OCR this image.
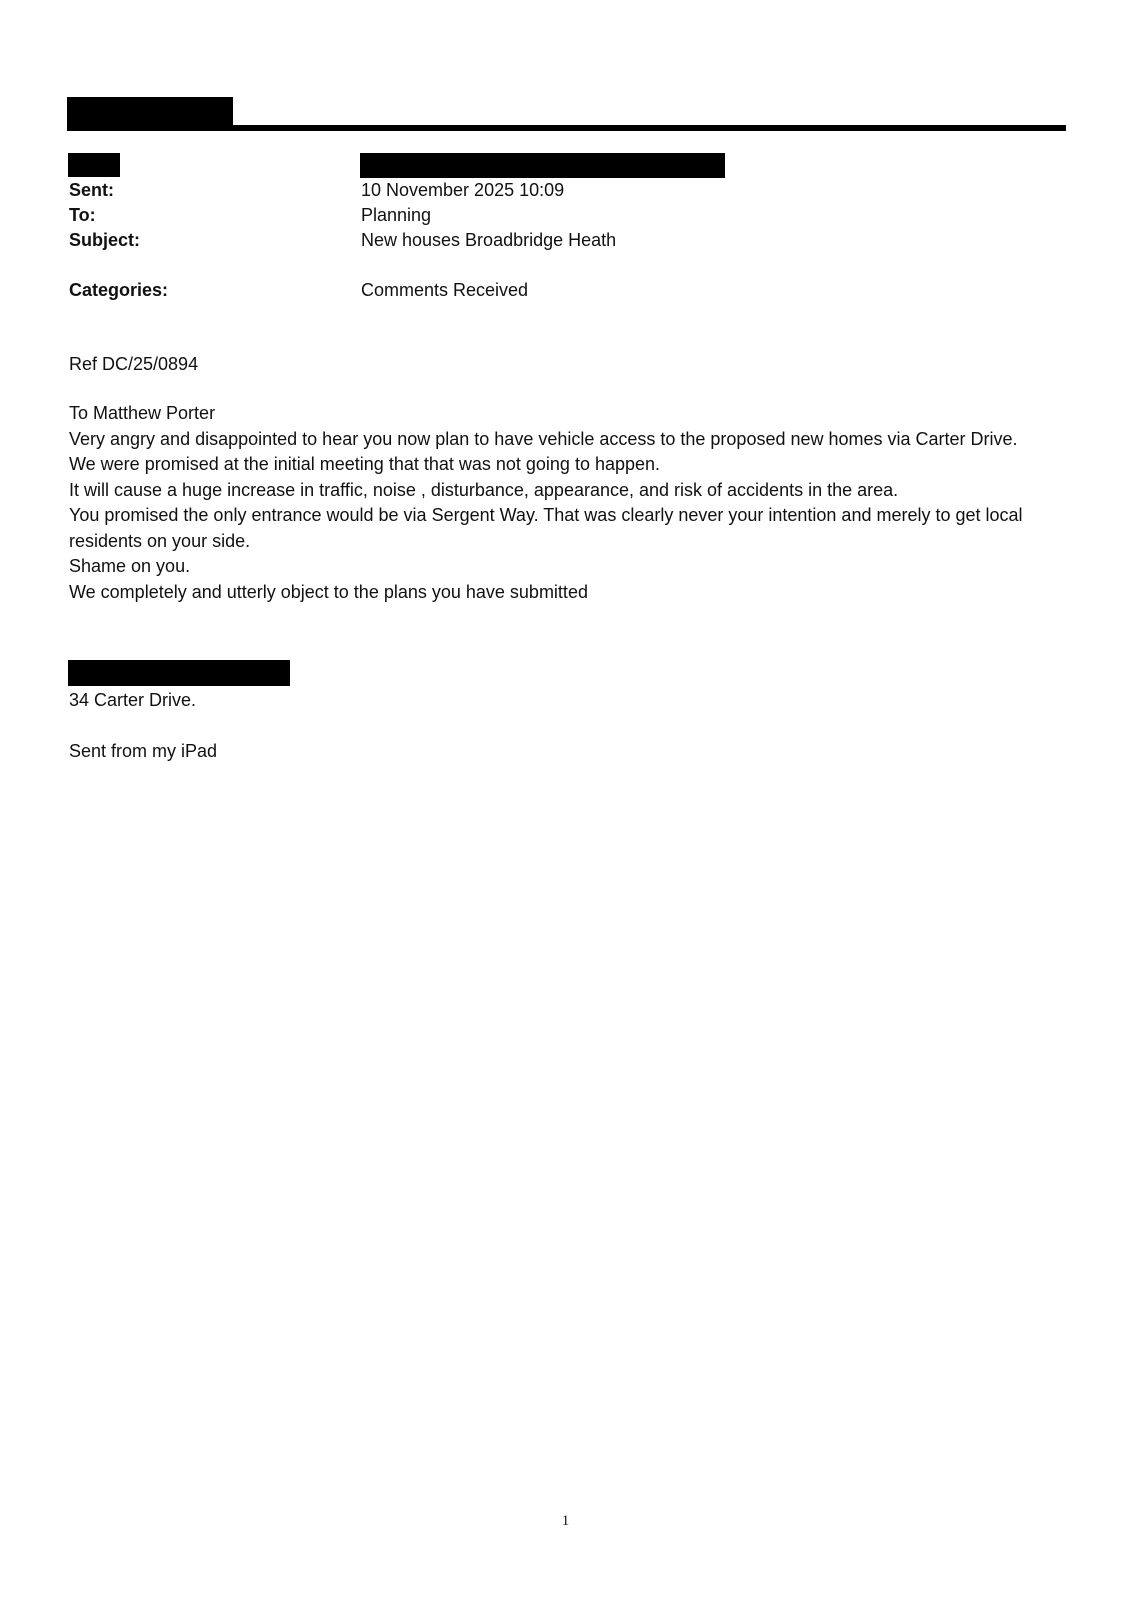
Sent:	10 November 2025 10:09
To:	Planning
Subject:	New houses Broadbridge Heath
Categories:	Comments Received
Ref DC/25/0894
To Matthew Porter
Very angry and disappointed to hear you now plan to have vehicle access to the proposed new homes via Carter Drive.
We were promised at the initial meeting that that was not going to happen.
It will cause a huge increase in traffic, noise , disturbance, appearance, and risk of accidents in the area.
You promised the only entrance would be via Sergent Way. That was clearly never your intention and merely to get local residents on your side.
Shame on you.
We completely and utterly object to the plans you have submitted
34 Carter Drive.
Sent from my iPad
1
